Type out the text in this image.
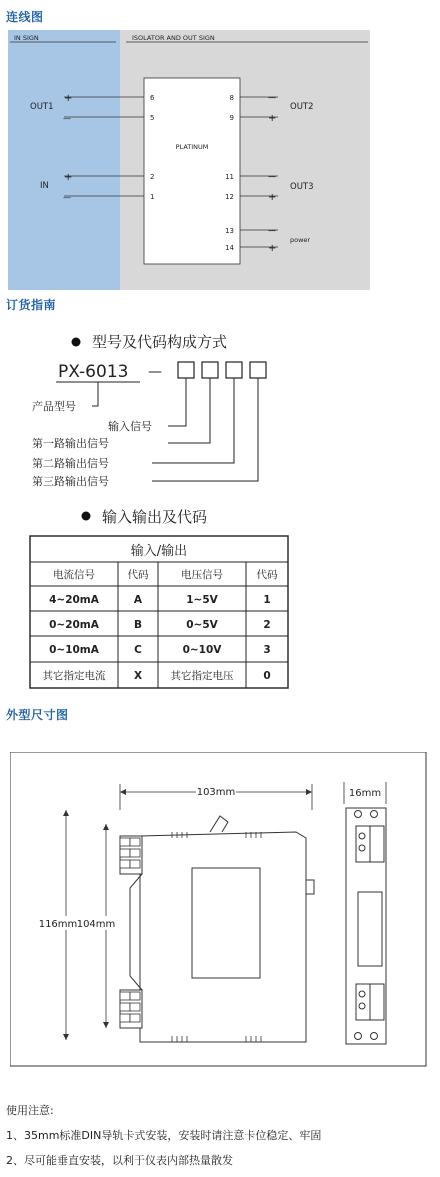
连线图
IN SIGN	ISOLATOR AND OUT SIGN
PLATINUM
OUT1
IN
+
—
+
—
6
5
2
1
8
9
11
12
13
14
—
+
—
+
—
+
OUT2
OUT3
power
订货指南
型号及代码构成方式
PX-6013 —
产品型号
输入信号
第一路输出信号
第二路输出信号
第三路输出信号
输入输出及代码
输入/输出
电流信号	代码	电压信号	代码
4~20mA	A	1~5V	1
0~20mA	B	0~5V	2
0~10mA	C	0~10V	3
其它指定电流	X	其它指定电压	0
外型尺寸图
103mm
116mm 104mm
16mm
使用注意:
1、35mm标准DIN导轨卡式安装，安装时请注意卡位稳定、牢固
2、尽可能垂直安装，以利于仪表内部热量散发
